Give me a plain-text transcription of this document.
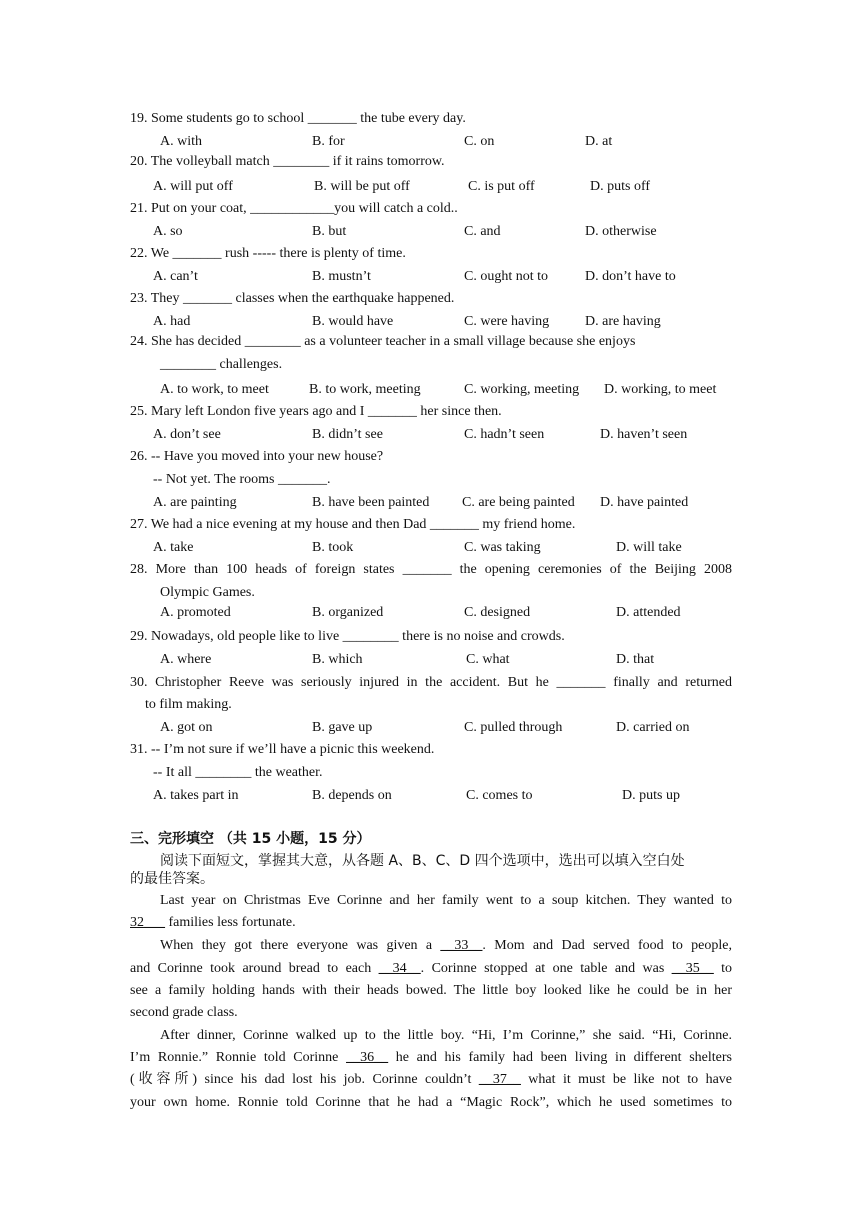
19. Some students go to school _______ the tube every day.
A. with	B. for	C. on	D. at
20. The volleyball match ________ if it rains tomorrow.
A. will put off	B. will be put off	C. is put off	D. puts off
21. Put on your coat, ____________you will catch a cold..
A. so	B. but	C. and	D. otherwise
22. We _______ rush ----- there is plenty of time.
A. can’t	B. mustn’t	C. ought not to	D. don’t have to
23. They _______ classes when the earthquake happened.
A. had	B. would have	C. were having	D. are having
24. She has decided ________ as a volunteer teacher in a small village because she enjoys
________ challenges.
A. to work, to meet	B. to work, meeting	C. working, meeting D. working, to meet
25. Mary left London five years ago and I _______ her since then.
A. don’t see	B. didn’t see	C. hadn’t seen	D. haven’t seen
26. -- Have you moved into your new house?
-- Not yet. The rooms _______.
A. are painting	B. have been painted C. are being painted D. have painted
27. We had a nice evening at my house and then Dad _______ my friend home.
A. take	B. took	C. was taking	D. will take
28. More than 100 heads of foreign states _______ the opening ceremonies of the Beijing 2008
Olympic Games.
A. promoted	B. organized	C. designed	D. attended
29. Nowadays, old people like to live ________ there is no noise and crowds.
A. where	B. which	C. what	D. that
30. Christopher Reeve was seriously injured in the accident. But he _______ finally and returned
to film making.
A. got on	B. gave up	C. pulled through	D. carried on
31. -- I’m not sure if we’ll have a picnic this weekend.
-- It all ________ the weather.
A. takes part in	B. depends on	C. comes to	D. puts up
三、完形填空 （共 15 小题，15 分）
阅读下面短文，掌握其大意，从各题 A、B、C、D 四个选项中，选出可以填入空白处
的最佳答案。
Last year on Christmas Eve Corinne and her family went to a soup kitchen. They wanted to
32___ families less fortunate.
When they got there everyone was given a __33__. Mom and Dad served food to people,
and Corinne took around bread to each __34__. Corinne stopped at one table and was __35__ to
see a family holding hands with their heads bowed. The little boy looked like he could be in her
second grade class.
After dinner, Corinne walked up to the little boy. “Hi, I’m Corinne,” she said. “Hi, Corinne.
I’m Ronnie.” Ronnie told Corinne __36__ he and his family had been living in different shelters
(收容所) since his dad lost his job. Corinne couldn’t __37__ what it must be like not to have
your own home. Ronnie told Corinne that he had a “Magic Rock”, which he used sometimes to
